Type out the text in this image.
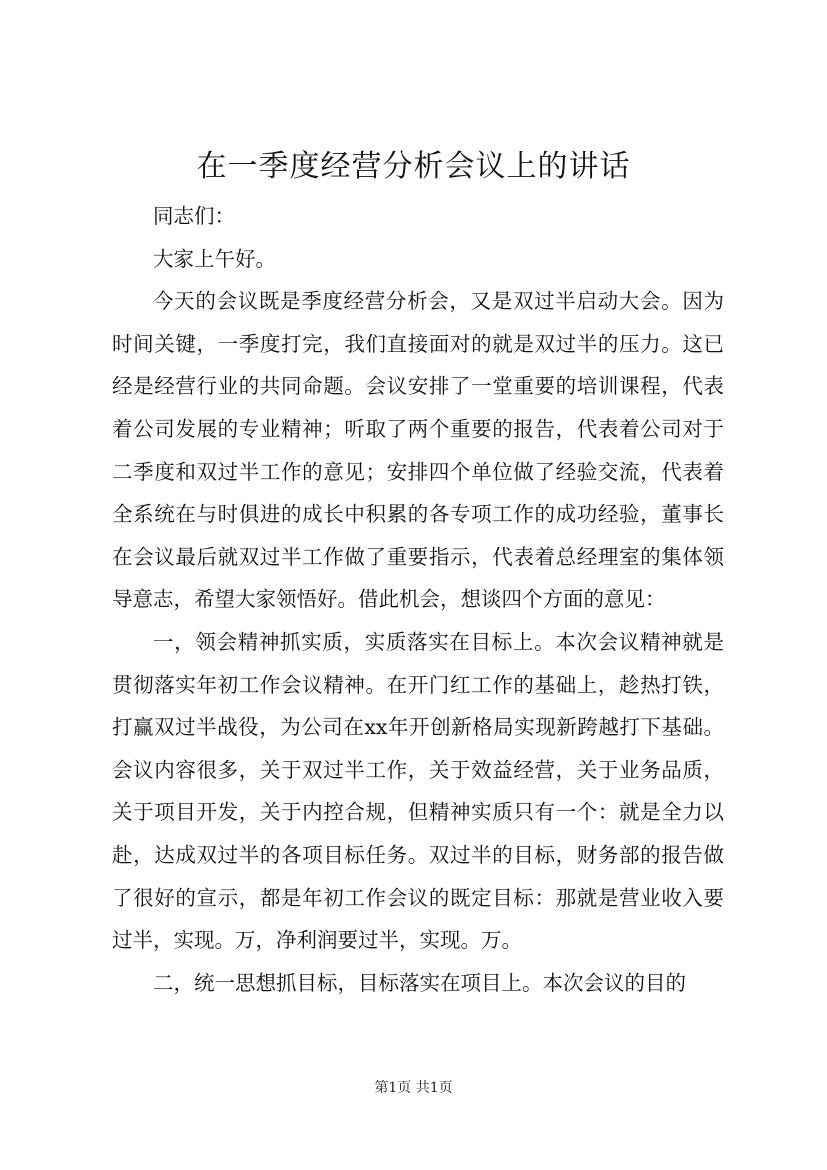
在一季度经营分析会议上的讲话

同志们：

大家上午好。

今天的会议既是季度经营分析会，又是双过半启动大会。因为时间关键，一季度打完，我们直接面对的就是双过半的压力。这已经是经营行业的共同命题。会议安排了一堂重要的培训课程，代表着公司发展的专业精神；听取了两个重要的报告，代表着公司对于二季度和双过半工作的意见；安排四个单位做了经验交流，代表着全系统在与时俱进的成长中积累的各专项工作的成功经验，董事长在会议最后就双过半工作做了重要指示，代表着总经理室的集体领导意志，希望大家领悟好。借此机会，想谈四个方面的意见：

一，领会精神抓实质，实质落实在目标上。本次会议精神就是贯彻落实年初工作会议精神。在开门红工作的基础上，趁热打铁，打赢双过半战役，为公司在xx年开创新格局实现新跨越打下基础。会议内容很多，关于双过半工作，关于效益经营，关于业务品质，关于项目开发，关于内控合规，但精神实质只有一个：就是全力以赴，达成双过半的各项目标任务。双过半的目标，财务部的报告做了很好的宣示，都是年初工作会议的既定目标：那就是营业收入要过半，实现。万，净利润要过半，实现。万。

二，统一思想抓目标，目标落实在项目上。本次会议的目的

第1页 共1页
